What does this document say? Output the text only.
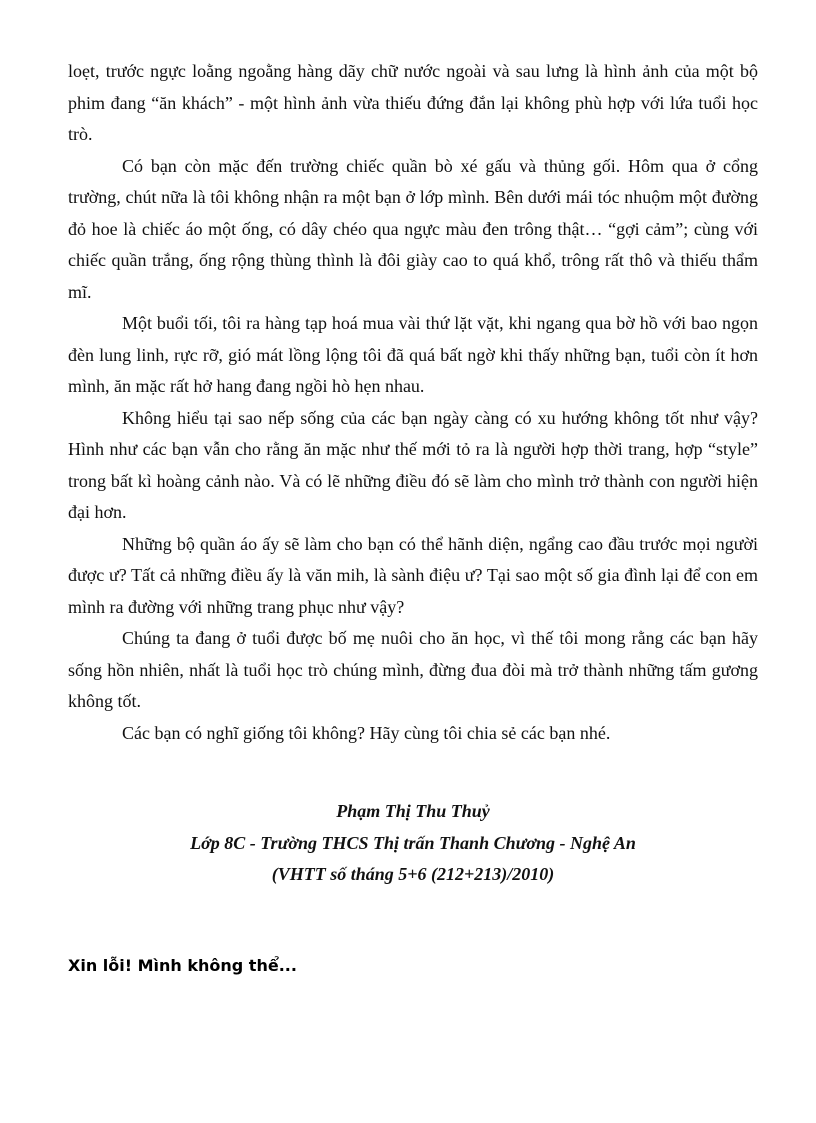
loẹt, trước ngực loằng ngoằng hàng dãy chữ nước ngoài và sau lưng là hình ảnh của một bộ phim đang “ăn khách” - một hình ảnh vừa thiếu đứng đắn lại không phù hợp với lứa tuổi học trò.

Có bạn còn mặc đến trường chiếc quần bò xé gấu và thủng gối. Hôm qua ở cổng trường, chút nữa là tôi không nhận ra một bạn ở lớp mình. Bên dưới mái tóc nhuộm một đường đỏ hoe là chiếc áo một ống, có dây chéo qua ngực màu đen trông thật… “gợi cảm”; cùng với chiếc quần trắng, ống rộng thùng thình là đôi giày cao to quá khổ, trông rất thô và thiếu thẩm mĩ.

Một buổi tối, tôi ra hàng tạp hoá mua vài thứ lặt vặt, khi ngang qua bờ hồ với bao ngọn đèn lung linh, rực rỡ, gió mát lồng lộng tôi đã quá bất ngờ khi thấy những bạn, tuổi còn ít hơn mình, ăn mặc rất hở hang đang ngồi hò hẹn nhau.

Không hiểu tại sao nếp sống của các bạn ngày càng có xu hướng không tốt như vậy? Hình như các bạn vẫn cho rằng ăn mặc như thế mới tỏ ra là người hợp thời trang, hợp “style” trong bất kì hoàng cảnh nào. Và có lẽ những điều đó sẽ làm cho mình trở thành con người hiện đại hơn.

Những bộ quần áo ấy sẽ làm cho bạn có thể hãnh diện, ngẩng cao đầu trước mọi người được ư? Tất cả những điều ấy là văn mih, là sành điệu ư? Tại sao một số gia đình lại để con em mình ra đường với những trang phục như vậy?

Chúng ta đang ở tuổi được bố mẹ nuôi cho ăn học, vì thế tôi mong rằng các bạn hãy sống hồn nhiên, nhất là tuổi học trò chúng mình, đừng đua đòi mà trở thành những tấm gương không tốt.

Các bạn có nghĩ giống tôi không? Hãy cùng tôi chia sẻ các bạn nhé.

Phạm Thị Thu Thuỷ
Lớp 8C - Trường THCS Thị trấn Thanh Chương - Nghệ An
(VHTT số tháng 5+6 (212+213)/2010)
Xin lỗi! Mình không thể...
